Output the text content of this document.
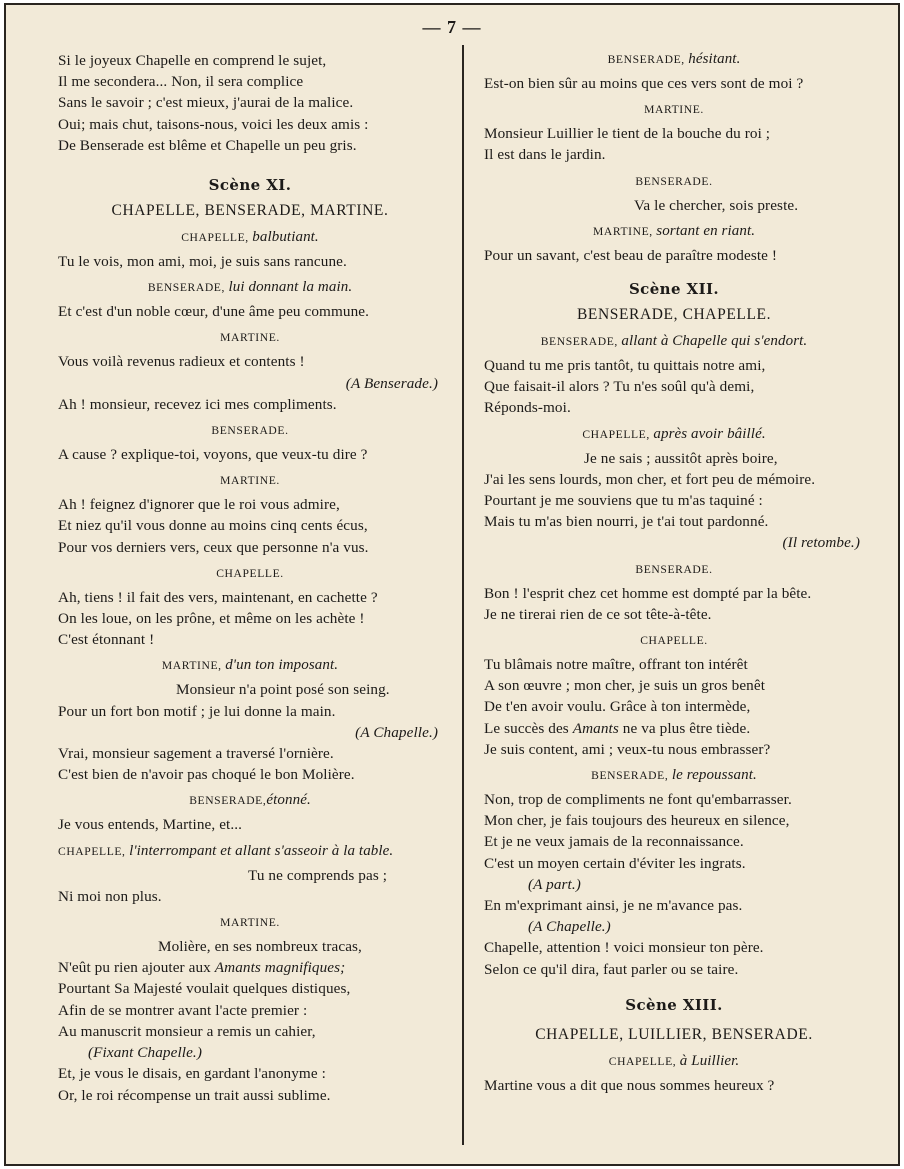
— 7 —
Si le joyeux Chapelle en comprend le sujet,
Il me secondera... Non, il sera complice
Sans le savoir ; c'est mieux, j'aurai de la malice.
Oui; mais chut, taisons-nous, voici les deux amis :
De Benserade est blême et Chapelle un peu gris.
Scène XI.
CHAPELLE, BENSERADE, MARTINE.
CHAPELLE, balbutiant.
Tu le vois, mon ami, moi, je suis sans rancune.
BENSERADE, lui donnant la main.
Et c'est d'un noble cœur, d'une âme peu commune.
MARTINE.
Vous voilà revenus radieux et contents !
(A Benserade.)
Ah ! monsieur, recevez ici mes compliments.
BENSERADE.
A cause ? explique-toi, voyons, que veux-tu dire ?
MARTINE.
Ah ! feignez d'ignorer que le roi vous admire,
Et niez qu'il vous donne au moins cinq cents écus,
Pour vos derniers vers, ceux que personne n'a vus.
CHAPELLE.
Ah, tiens ! il fait des vers, maintenant, en cachette ?
On les loue, on les prône, et même on les achète !
C'est étonnant !
MARTINE, d'un ton imposant.
Monsieur n'a point posé son seing.
Pour un fort bon motif ; je lui donne la main.
(A Chapelle.)
Vrai, monsieur sagement a traversé l'ornière.
C'est bien de n'avoir pas choqué le bon Molière.
BENSERADE,étonné.
Je vous entends, Martine, et...
CHAPELLE, l'interrompant et allant s'asseoir à la table.
Tu ne comprends pas ;
Ni moi non plus.
MARTINE.
Molière, en ses nombreux tracas,
N'eût pu rien ajouter aux Amants magnifiques;
Pourtant Sa Majesté voulait quelques distiques,
Afin de se montrer avant l'acte premier :
Au manuscrit monsieur a remis un cahier,
(Fixant Chapelle.)
Et, je vous le disais, en gardant l'anonyme :
Or, le roi récompense un trait aussi sublime.
BENSERADE, hésitant.
Est-on bien sûr au moins que ces vers sont de moi ?
MARTINE.
Monsieur Luillier le tient de la bouche du roi ;
Il est dans le jardin.
BENSERADE.
Va le chercher, sois preste.
MARTINE, sortant en riant.
Pour un savant, c'est beau de paraître modeste !
Scène XII.
BENSERADE, CHAPELLE.
BENSERADE, allant à Chapelle qui s'endort.
Quand tu me pris tantôt, tu quittais notre ami,
Que faisait-il alors ? Tu n'es soûl qu'à demi,
Réponds-moi.
CHAPELLE, après avoir bâillé.
Je ne sais ; aussitôt après boire,
J'ai les sens lourds, mon cher, et fort peu de mémoire.
Pourtant je me souviens que tu m'as taquiné :
Mais tu m'as bien nourri, je t'ai tout pardonné.
(Il retombe.)
BENSERADE.
Bon ! l'esprit chez cet homme est dompté par la bête.
Je ne tirerai rien de ce sot tête-à-tête.
CHAPELLE.
Tu blâmais notre maître, offrant ton intérêt
A son œuvre ; mon cher, je suis un gros benêt
De t'en avoir voulu. Grâce à ton intermède,
Le succès des Amants ne va plus être tiède.
Je suis content, ami ; veux-tu nous embrasser?
BENSERADE, le repoussant.
Non, trop de compliments ne font qu'embarrasser.
Mon cher, je fais toujours des heureux en silence,
Et je ne veux jamais de la reconnaissance.
C'est un moyen certain d'éviter les ingrats.
(A part.)
En m'exprimant ainsi, je ne m'avance pas.
(A Chapelle.)
Chapelle, attention ! voici monsieur ton père.
Selon ce qu'il dira, faut parler ou se taire.
Scène XIII.
CHAPELLE, LUILLIER, BENSERADE.
CHAPELLE, à Luillier.
Martine vous a dit que nous sommes heureux ?
